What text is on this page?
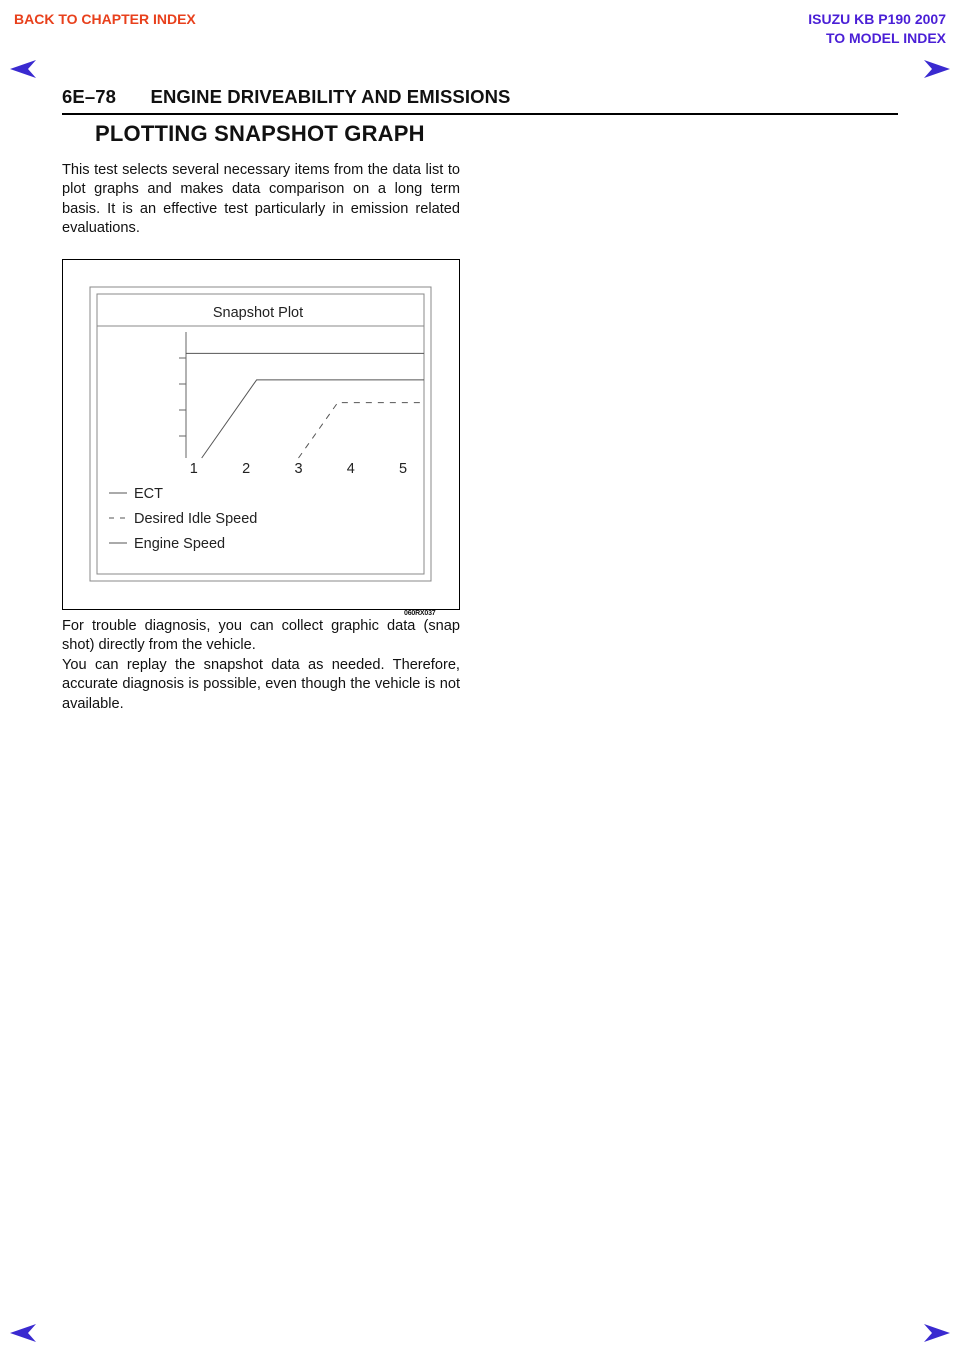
BACK TO CHAPTER INDEX	ISUZU KB P190 2007
TO MODEL INDEX
6E–78 ENGINE DRIVEABILITY AND EMISSIONS
PLOTTING SNAPSHOT GRAPH

This test selects several necessary items from the data list to plot graphs and makes data comparison on a long term basis. It is an effective test particularly in emission related evaluations.

Snapshot Plot
1	2	3	4	5
ECT
Desired Idle Speed
Engine Speed
060RX037

For trouble diagnosis, you can collect graphic data (snap shot) directly from the vehicle.

You can replay the snapshot data as needed. Therefore, accurate diagnosis is possible, even though the vehicle is not available.
